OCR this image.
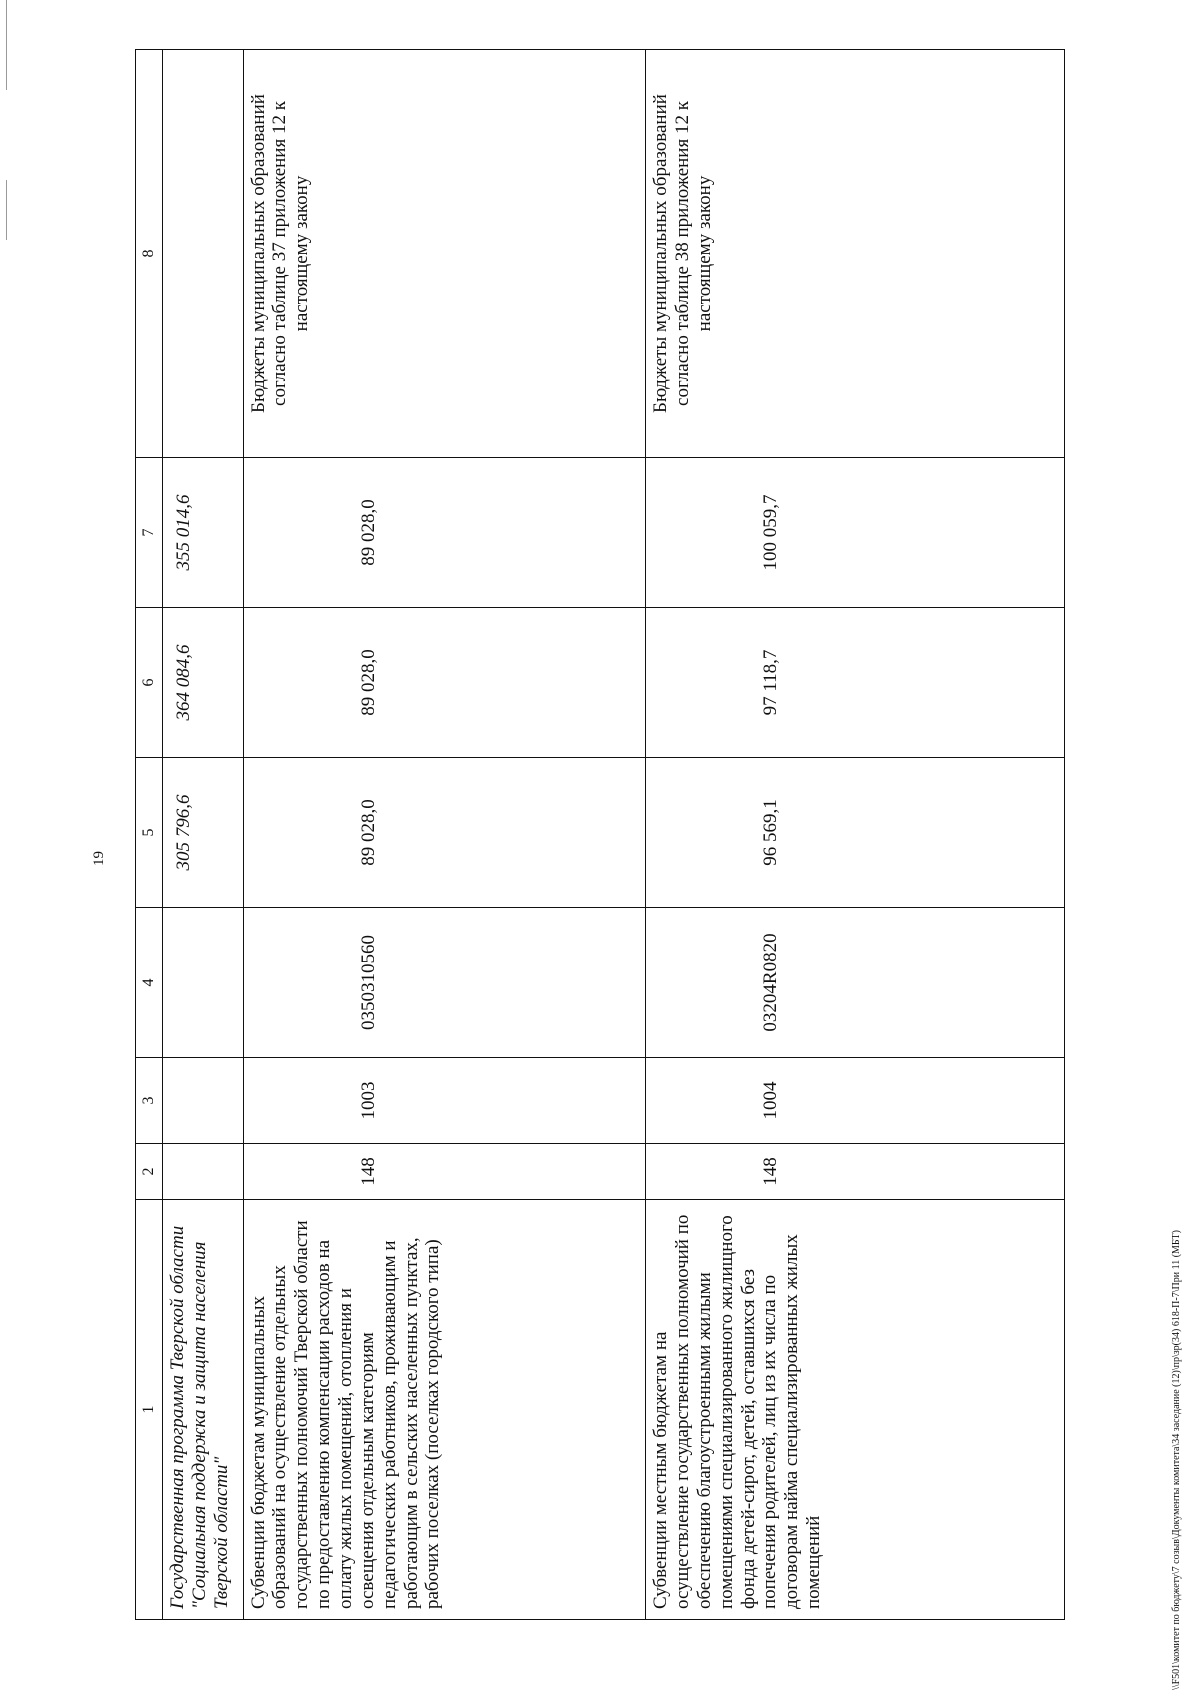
19
1	2	3	4	5	6	7	8
Государственная программа Тверской области "Социальная поддержка и защита населения Тверской области"				305 796,6	364 084,6	355 014,6	

Субвенции бюджетам муниципальных образований на осуществление отдельных государственных полномочий Тверской области по предоставлению компенсации расходов на оплату жилых помещений, отопления и освещения отдельным категориям педагогических работников, проживающим и работающим в сельских населенных пунктах, рабочих поселках (поселках городского типа)	148	1003	0350310560	89 028,0	89 028,0	89 028,0	Бюджеты муниципальных образований согласно таблице 37 приложения 12 к настоящему закону
Субвенции местным бюджетам на осуществление государственных полномочий по обеспечению благоустроенными жилыми помещениями специализированного жилищного фонда детей-сирот, детей, оставшихся без попечения родителей, лиц из их числа по договорам найма специализированных жилых помещений	148	1004	03204R0820	96 569,1	97 118,7	100 059,7	Бюджеты муниципальных образований согласно таблице 38 приложения 12 к настоящему закону
\\F501\комитет по бюджету\7 созыв\Документы комитета\34 заседание (12)\пр\зр(34) 618-П-7\При 11 (МБТ)
